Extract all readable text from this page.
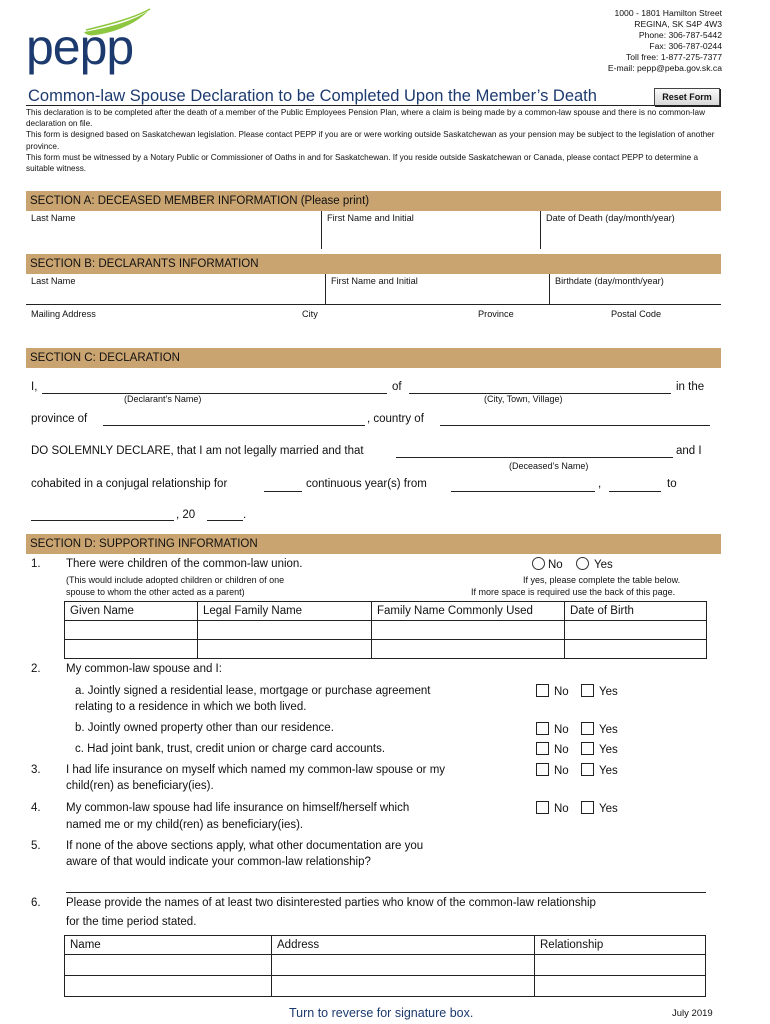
pepp
1000 - 1801 Hamilton Street
REGINA, SK S4P 4W3
Phone: 306-787-5442
Fax: 306-787-0244
Toll free: 1-877-275-7377
E-mail: pepp@peba.gov.sk.ca
Common-law Spouse Declaration to be Completed Upon the Member’s Death	Reset Form

This declaration is to be completed after the death of a member of the Public Employees Pension Plan, where a claim is being made by a common-law spouse and there is no common-law declaration on file.

This form is designed based on Saskatchewan legislation. Please contact PEPP if you are or were working outside Saskatchewan as your pension may be subject to the legislation of another province.

This form must be witnessed by a Notary Public or Commissioner of Oaths in and for Saskatchewan. If you reside outside Saskatchewan or Canada, please contact PEPP to determine a suitable witness.

SECTION A: DECEASED MEMBER INFORMATION (Please print)
Last Name	First Name and Initial	Date of Death (day/month/year)
SECTION B: DECLARANTS INFORMATION
Last Name	First Name and Initial	Birthdate (day/month/year)
Mailing Address	City	Province	Postal Code
SECTION C: DECLARATION
I,	of	in the
(Declarant’s Name)	(City, Town, Village)
province of	, country of
DO SOLEMNLY DECLARE, that I am not legally married and that	and I
(Deceased’s Name)
cohabited in a conjugal relationship for	continuous year(s) from	,	to
, 20	.
SECTION D: SUPPORTING INFORMATION
1. There were children of the common-law union.
(This would include adopted children or children of one
spouse to whom the other acted as a parent)
No	Yes
If yes, please complete the table below.
If more space is required use the back of this page.
Given Name	Legal Family Name	Family Name Commonly Used	Date of Birth

2. My common-law spouse and I:
a. Jointly signed a residential lease, mortgage or purchase agreement
relating to a residence in which we both lived.
No	Yes
b. Jointly owned property other than our residence.	No	Yes
c. Had joint bank, trust, credit union or charge card accounts.	No	Yes
3. I had life insurance on myself which named my common-law spouse or my
child(ren) as beneficiary(ies).
No	Yes
4. My common-law spouse had life insurance on himself/herself which
named me or my child(ren) as beneficiary(ies).
No	Yes
5. If none of the above sections apply, what other documentation are you
aware of that would indicate your common-law relationship?
6. Please provide the names of at least two disinterested parties who know of the common-law relationship
for the time period stated.
Name	Address	Relationship

Turn to reverse for signature box.	July 2019
